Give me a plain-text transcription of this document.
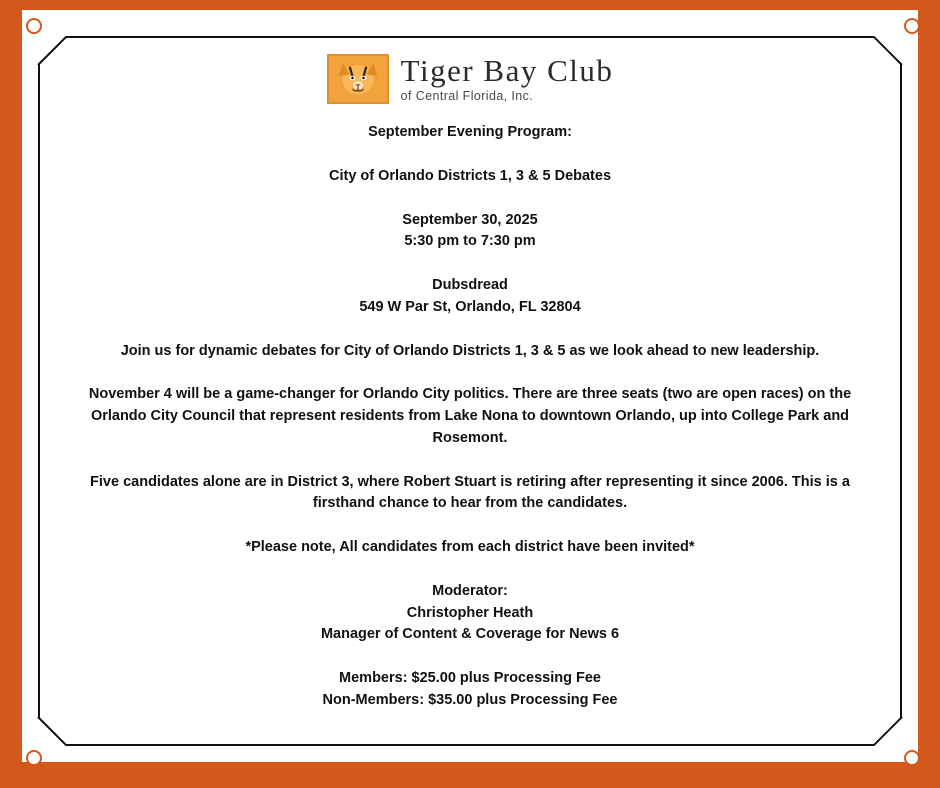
Tiger Bay Club
of Central Florida, Inc.
September Evening Program:
City of Orlando Districts 1, 3 & 5 Debates
September 30, 2025
5:30 pm to 7:30 pm
Dubsdread
549 W Par St, Orlando, FL 32804
Join us for dynamic debates for City of Orlando Districts 1, 3 & 5 as we look ahead to new leadership.
November 4 will be a game-changer for Orlando City politics. There are three seats (two are open races) on the Orlando City Council that represent residents from Lake Nona to downtown Orlando, up into College Park and Rosemont.
Five candidates alone are in District 3, where Robert Stuart is retiring after representing it since 2006. This is a firsthand chance to hear from the candidates.
*Please note, All candidates from each district have been invited*
Moderator:
Christopher Heath
Manager of Content & Coverage for News 6
Members: $25.00 plus Processing Fee
Non-Members: $35.00 plus Processing Fee
